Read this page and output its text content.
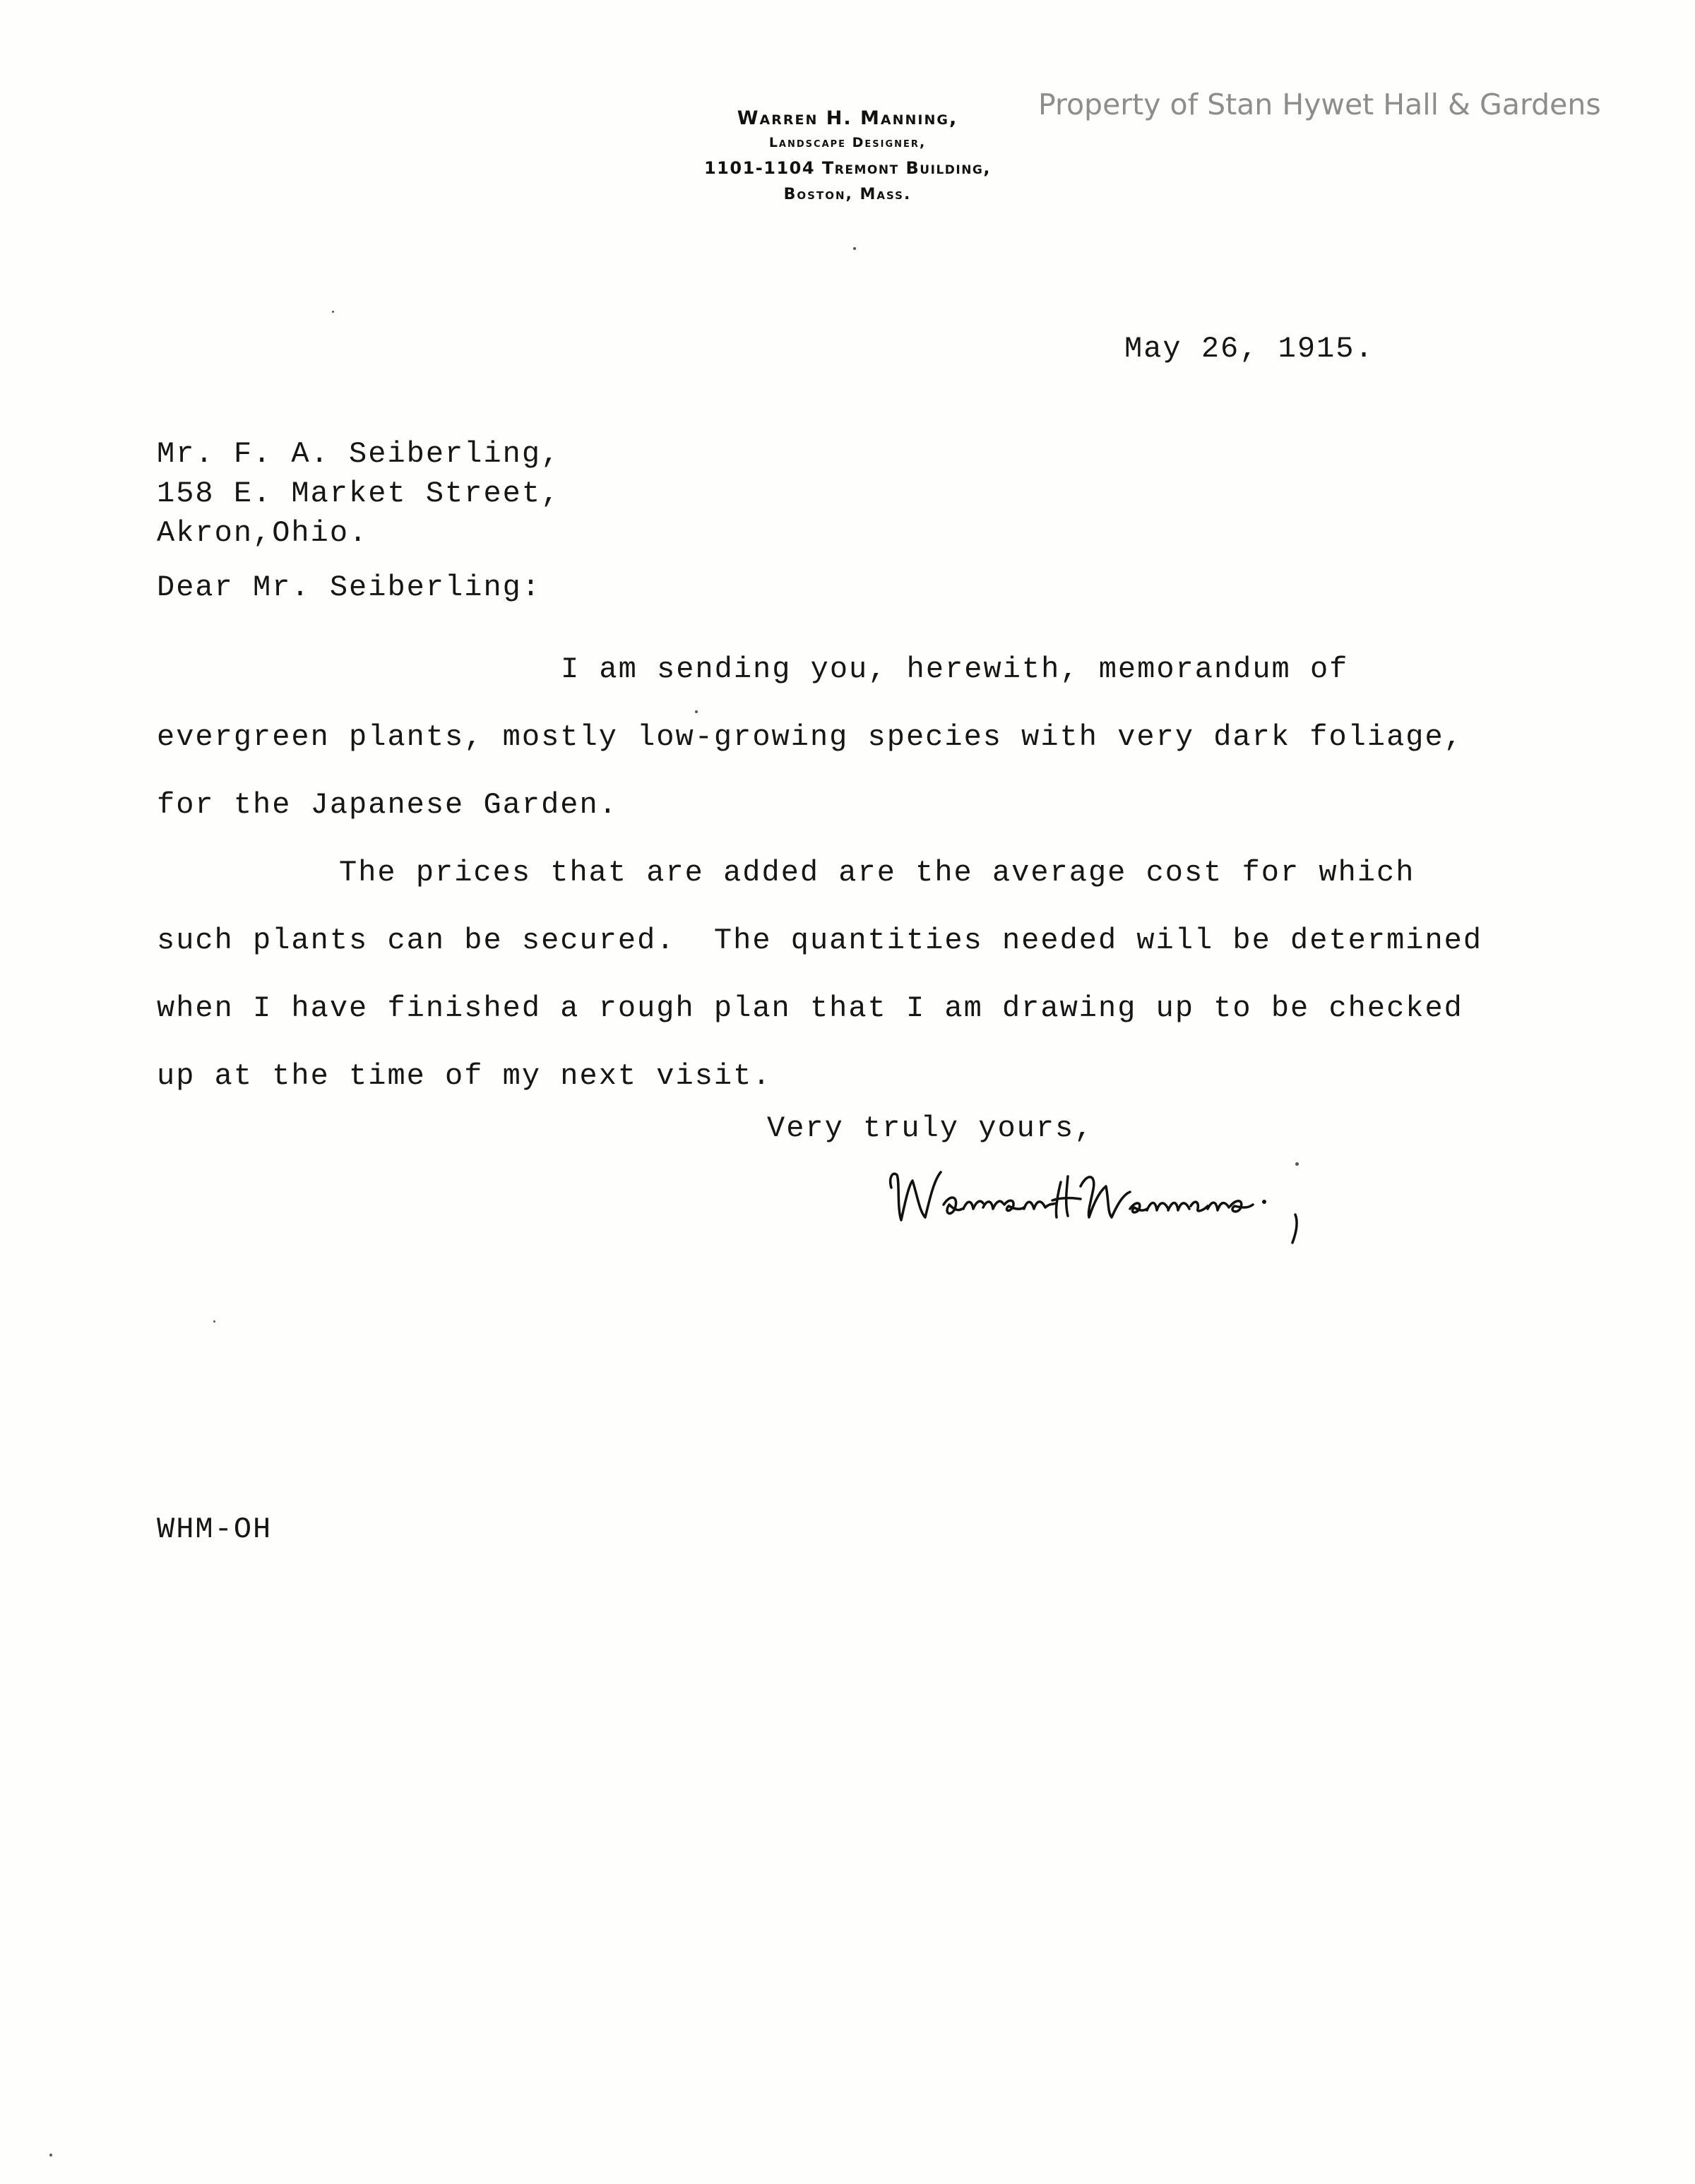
Warren H. Manning,
Landscape Designer,
1101-1104 Tremont Building,
Boston, Mass.
Property of Stan Hywet Hall & Gardens
May 26, 1915.
Mr. F. A. Seiberling,
158 E. Market Street,
Akron,Ohio.
Dear Mr. Seiberling:
I am sending you, herewith, memorandum of
evergreen plants, mostly low-growing species with very dark foliage,
for the Japanese Garden.
The prices that are added are the average cost for which
such plants can be secured.  The quantities needed will be determined
when I have finished a rough plan that I am drawing up to be checked
up at the time of my next visit.
Very truly yours,
WHM-OH
